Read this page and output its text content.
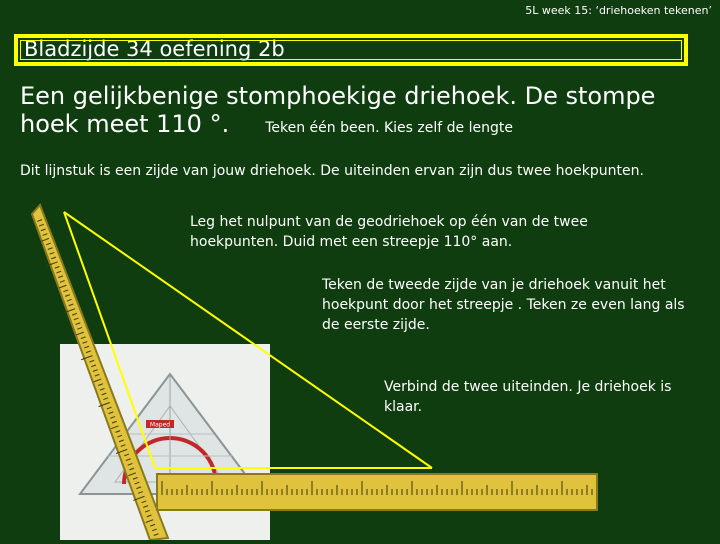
5L week 15: ‘driehoeken tekenen’
Bladzijde 34 oefening 2b
Een gelijkbenige stomphoekige driehoek. De stompe
hoek meet 110 °.	Teken één been. Kies zelf de lengte
Dit lijnstuk is een zijde van jouw driehoek. De uiteinden ervan zijn dus twee hoekpunten.
Leg het nulpunt van de geodriehoek op één van de twee hoekpunten. Duid met een streepje 110° aan.
Teken de tweede zijde van je driehoek vanuit het hoekpunt door het streepje . Teken ze even lang als de eerste zijde.
Verbind de twee uiteinden. Je driehoek is klaar.
Maped
